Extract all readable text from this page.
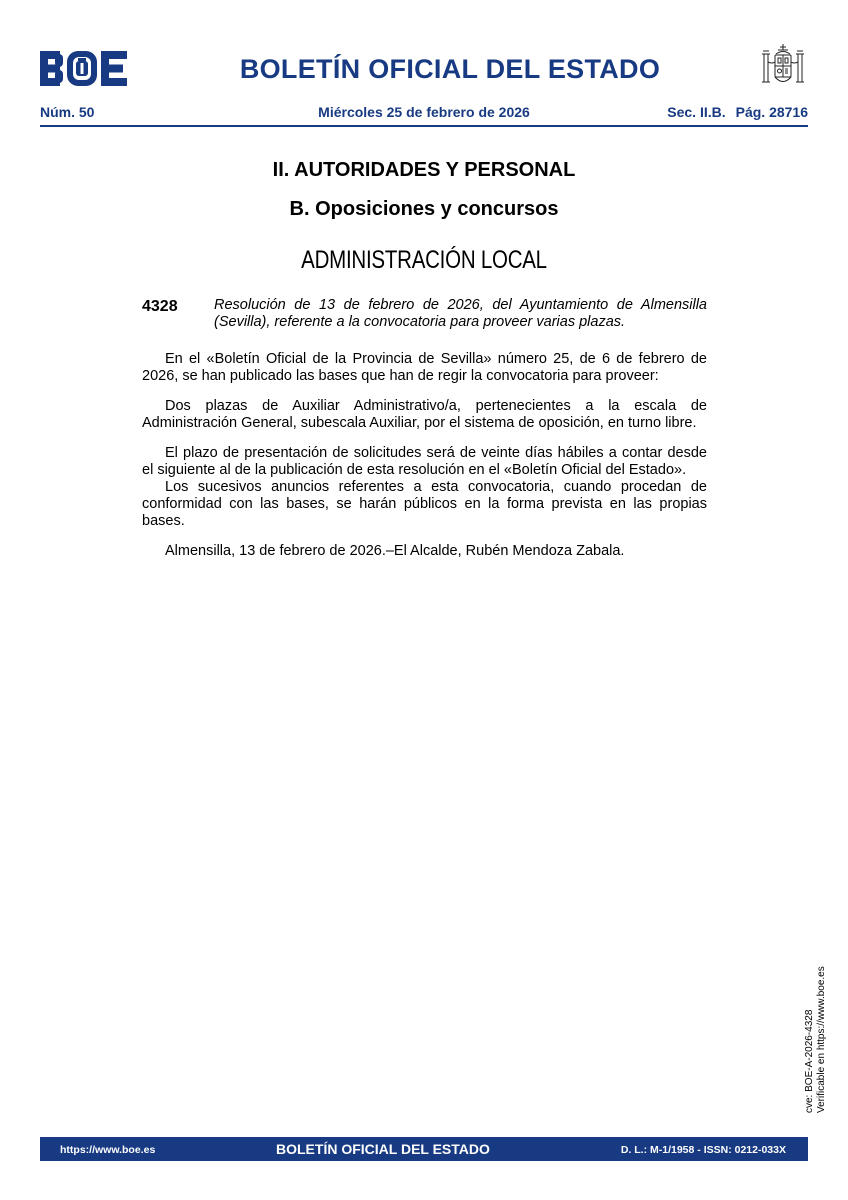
BOLETÍN OFICIAL DEL ESTADO
Núm. 50	Miércoles 25 de febrero de 2026	Sec. II.B. Pág. 28716
II. AUTORIDADES Y PERSONAL
B. Oposiciones y concursos
ADMINISTRACIÓN LOCAL
4328	Resolución de 13 de febrero de 2026, del Ayuntamiento de Almensilla (Sevilla), referente a la convocatoria para proveer varias plazas.

En el «Boletín Oficial de la Provincia de Sevilla» número 25, de 6 de febrero de 2026, se han publicado las bases que han de regir la convocatoria para proveer:

Dos plazas de Auxiliar Administrativo/a, pertenecientes a la escala de Administración General, subescala Auxiliar, por el sistema de oposición, en turno libre.

El plazo de presentación de solicitudes será de veinte días hábiles a contar desde el siguiente al de la publicación de esta resolución en el «Boletín Oficial del Estado».

Los sucesivos anuncios referentes a esta convocatoria, cuando procedan de conformidad con las bases, se harán públicos en la forma prevista en las propias bases.

Almensilla, 13 de febrero de 2026.–El Alcalde, Rubén Mendoza Zabala.

cve: BOE-A-2026-4328 Verificable en https://www.boe.es
https://www.boe.es	BOLETÍN OFICIAL DEL ESTADO	D. L.: M-1/1958 - ISSN: 0212-033X
